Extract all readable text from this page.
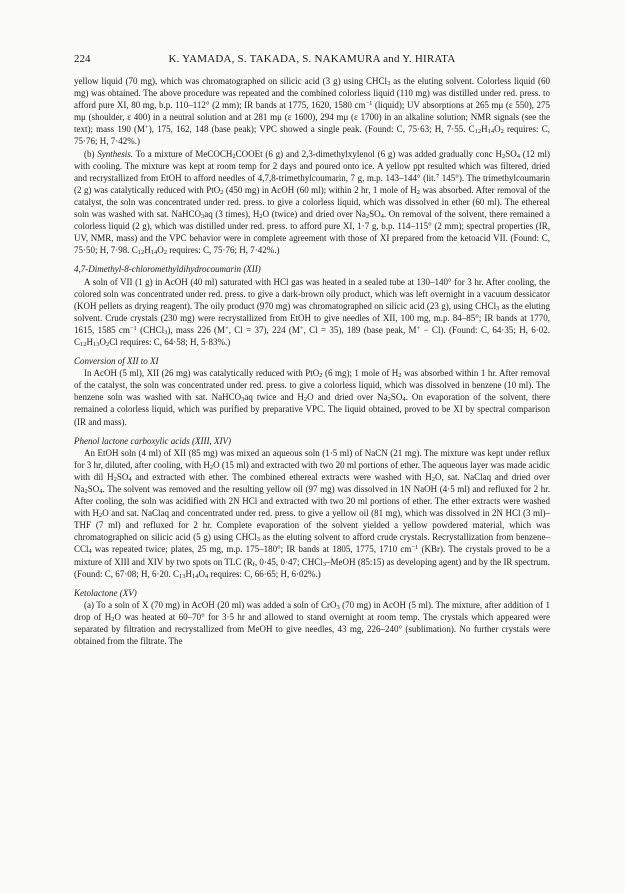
224	K. YAMADA, S. TAKADA, S. NAKAMURA and Y. HIRATA

yellow liquid (70 mg), which was chromatographed on silicic acid (3 g) using CHCl$_3$ as the eluting solvent. Colorless liquid (60 mg) was obtained. The above procedure was repeated and the combined colorless liquid (110 mg) was distilled under red. press. to afford pure XI, 80 mg, b.p. 110–112° (2 mm); IR bands at 1775, 1620, 1580 $cm^{-1}$ (liquid); UV absorptions at 265 mμ (ε 550), 275 mμ (shoulder, ε 400) in a neutral solution and at 281 mμ (ε 1600), 294 mμ (ε 1700) in an alkaline solution; NMR signals (see the text); mass 190 (M+), 175, 162, 148 (base peak); VPC showed a single peak. (Found: C, 75·63; H, 7·55. $C_{12}H_{14}O_2$ requires: C, 75·76; H, 7·42%.)

(b) Synthesis. To a mixture of MeCOCH$_2$COOEt (6 g) and 2,3-dimethylxylenol (6 g) was added gradually conc $H_2SO_4$ (12 ml) with cooling. The mixture was kept at room temp for 2 days and poured onto ice. A yellow ppt resulted which was filtered, dried and recrystallized from EtOH to afford needles of 4,7,8-trimethylcoumarin, 7 g, m.p. 143–144° (lit.$^7$ 145°). The trimethylcoumarin (2 g) was catalytically reduced with PtO$_2$ (450 mg) in AcOH (60 ml); within 2 hr, 1 mole of $H_2$ was absorbed. After removal of the catalyst, the soln was concentrated under red. press. to give a colorless liquid, which was dissolved in ether (60 ml). The ethereal soln was washed with sat. NaHCO$_3$aq (3 times), $H_2O$ (twice) and dried over $Na_2SO_4$. On removal of the solvent, there remained a colorless liquid (2 g), which was distilled under red. press. to afford pure XI, 1·7 g, b.p. 114–115° (2 mm); spectral properties (IR, UV, NMR, mass) and the VPC behavior were in complete agreement with those of XI prepared from the ketoacid VII. (Found: C, 75·50; H, 7·98. $C_{12}H_{14}O_2$ requires: C, 75·76; H, 7·42%.)

4,7-Dimethyl-8-chloromethyldihydrocoumarin (XII)

A soln of VII (1 g) in AcOH (40 ml) saturated with HCl gas was heated in a sealed tube at 130–140° for 3 hr. After cooling, the colored soln was concentrated under red. press. to give a dark-brown oily product, which was left overnight in a vacuum dessicator (KOH pellets as drying reagent). The oily product (970 mg) was chromatographed on silicic acid (23 g), using CHCl$_3$ as the eluting solvent. Crude crystals (230 mg) were recrystallized from EtOH to give needles of XII, 100 mg, m.p. 84–85°; IR bands at 1770, 1615, 1585 $cm^{-1}$ (CHCl$_3$), mass 226 (M+, Cl = 37), 224 (M+, Cl = 35), 189 (base peak, M+ − Cl). (Found: C, 64·35; H, 6·02. $C_{12}H_{13}O_2Cl$ requires: C, 64·58; H, 5·83%.)

Conversion of XII to XI

In AcOH (5 ml), XII (26 mg) was catalytically reduced with PtO$_2$ (6 mg); 1 mole of $H_2$ was absorbed within 1 hr. After removal of the catalyst, the soln was concentrated under red. press. to give a colorless liquid, which was dissolved in benzene (10 ml). The benzene soln was washed with sat. NaHCO$_3$aq twice and $H_2O$ and dried over $Na_2SO_4$. On evaporation of the solvent, there remained a colorless liquid, which was purified by preparative VPC. The liquid obtained, proved to be XI by spectral comparison (IR and mass).

Phenol lactone carboxylic acids (XIII, XIV)

An EtOH soln (4 ml) of XII (85 mg) was mixed an aqueous soln (1·5 ml) of NaCN (21 mg). The mixture was kept under reflux for 3 hr, diluted, after cooling, with $H_2O$ (15 ml) and extracted with two 20 ml portions of ether. The aqueous layer was made acidic with dil $H_2SO_4$ and extracted with ether. The combined ethereal extracts were washed with $H_2O$, sat. NaClaq and dried over $Na_2SO_4$. The solvent was removed and the resulting yellow oil (97 mg) was dissolved in 1N NaOH (4·5 ml) and refluxed for 2 hr. After cooling, the soln was acidified with 2N HCl and extracted with two 20 ml portions of ether. The ether extracts were washed with $H_2O$ and sat. NaClaq and concentrated under red. press. to give a yellow oil (81 mg), which was dissolved in 2N HCl (3 ml)–THF (7 ml) and refluxed for 2 hr. Complete evaporation of the solvent yielded a yellow powdered material, which was chromatographed on silicic acid (5 g) using CHCl$_3$ as the eluting solvent to afford crude crystals. Recrystallization from benzene–CCl$_4$ was repeated twice; plates, 25 mg, m.p. 175–180°; IR bands at 1805, 1775, 1710 $cm^{-1}$ (KBr). The crystals proved to be a mixture of XIII and XIV by two spots on TLC ($R_f$, 0·45, 0·47; CHCl$_3$–MeOH (85:15) as developing agent) and by the IR spectrum. (Found: C, 67·08; H, 6·20. $C_{13}H_{14}O_4$ requires: C, 66·65; H, 6·02%.)

Ketolactone (XV)

(a) To a soln of X (70 mg) in AcOH (20 ml) was added a soln of CrO$_3$ (70 mg) in AcOH (5 ml). The mixture, after addition of 1 drop of $H_2O$ was heated at 60–70° for 3·5 hr and allowed to stand overnight at room temp. The crystals which appeared were separated by filtration and recrystallized from MeOH to give needles, 43 mg, 226–240° (sublimation). No further crystals were obtained from the filtrate. The
